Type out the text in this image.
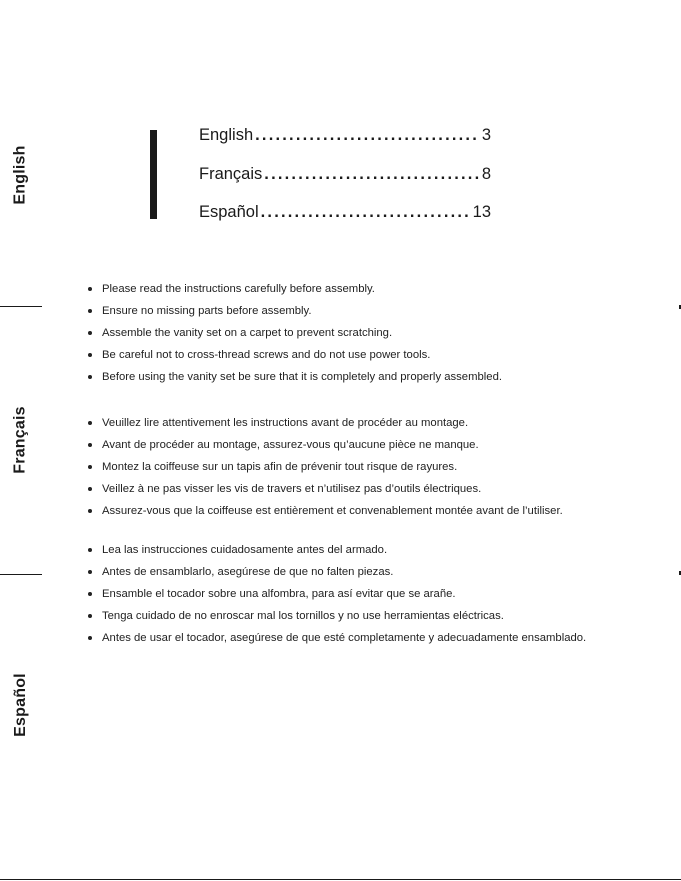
English
Français
Español
English .....	3
Français .....	8
Español .....	13
Please read the instructions carefully before assembly.
Ensure no missing parts before assembly.
Assemble the vanity set on a carpet to prevent scratching.
Be careful not to cross-thread screws and do not use power tools.
Before using the vanity set be sure that it is completely and properly assembled.
Veuillez lire attentivement les instructions avant de procéder au montage.
Avant de procéder au montage, assurez-vous qu’aucune pièce ne manque.
Montez la coiffeuse sur un tapis afin de prévenir tout risque de rayures.
Veillez à ne pas visser les vis de travers et n’utilisez pas d’outils électriques.
Assurez-vous que la coiffeuse est entièrement et convenablement montée avant de l’utiliser.
Lea las instrucciones cuidadosamente antes del armado.
Antes de ensamblarlo, asegúrese de que no falten piezas.
Ensamble el tocador sobre una alfombra, para así evitar que se arañe.
Tenga cuidado de no enroscar mal los tornillos y no use herramientas eléctricas.
Antes de usar el tocador, asegúrese de que esté completamente y adecuadamente ensamblado.
